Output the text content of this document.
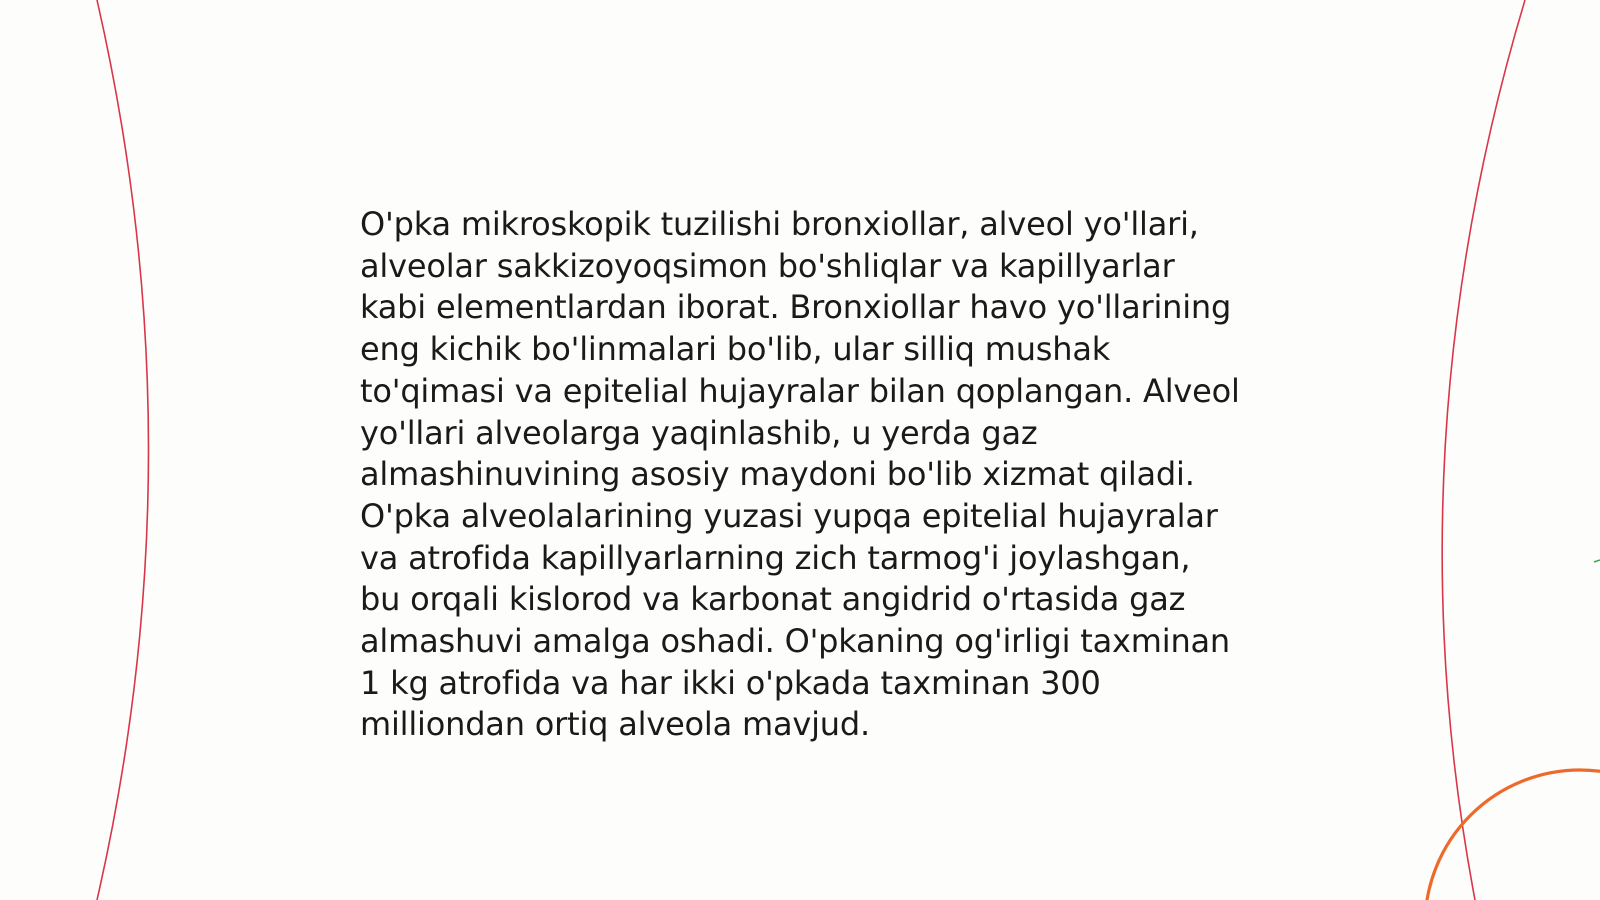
O'pka mikroskopik tuzilishi bronxiollar, alveol yo'llari, alveolar sakkizoyoqsimon bo'shliqlar va kapillyarlar kabi elementlardan iborat. Bronxiollar havo yo'llarining eng kichik bo'linmalari bo'lib, ular silliq mushak to'qimasi va epitelial hujayralar bilan qoplangan. Alveol yo'llari alveolarga yaqinlashib, u yerda gaz almashinuvining asosiy maydoni bo'lib xizmat qiladi. O'pka alveolalarining yuzasi yupqa epitelial hujayralar va atrofida kapillyarlarning zich tarmog'i joylashgan, bu orqali kislorod va karbonat angidrid o'rtasida gaz almashuvi amalga oshadi. O'pkaning og'irligi taxminan 1 kg atrofida va har ikki o'pkada taxminan 300 milliondan ortiq alveola mavjud.
